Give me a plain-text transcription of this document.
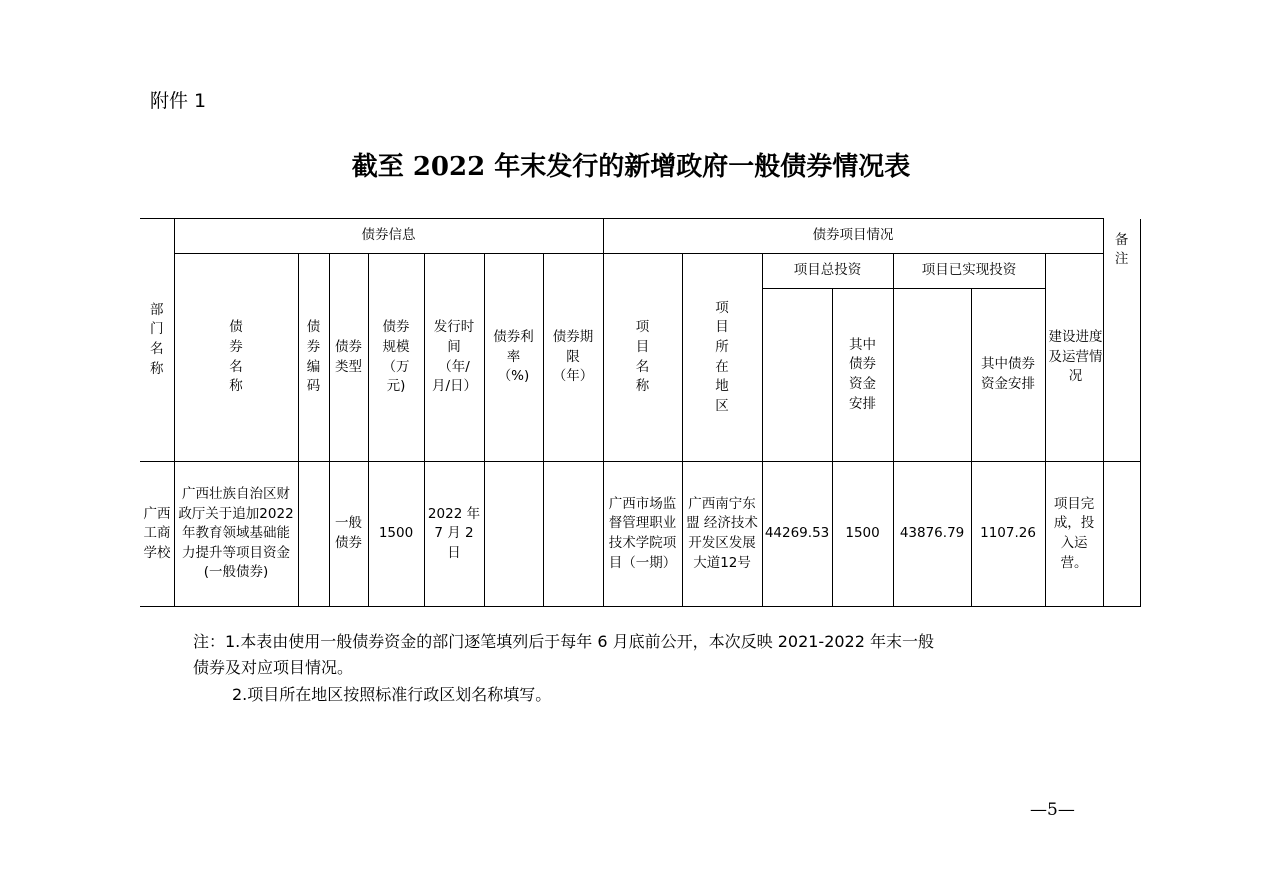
附件 1
截至 2022 年末发行的新增政府一般债券情况表
部门名称	债券信息							债券项目情况							

	债券名称	债券编码	债券类型	债券规模（万元)	发行时间（年/月/日）	债券利率（%)	债券期限（年）	项目名称	项目所在地区	项目总投资		项目已实现投资		建设进度及运营情况	

											其中债券资金安排		其中债券资金安排		备注

广西工商学校	广西壮族自治区财政厅关于追加2022 年教育领域基础能力提升等项目资金(一般债券)		一般债券	1500	2022 年 7 月 2 日			广西市场监督管理职业技术学院项目（一期）	广西南宁东盟 经济技术开发区发展大道12号	44269.53	1500	43876.79	1107.26	项目完成，投入运营。	
注：1.本表由使用一般债券资金的部门逐笔填列后于每年 6 月底前公开，本次反映 2021-2022 年末一般
债券及对应项目情况。
2.项目所在地区按照标准行政区划名称填写。
—5—
